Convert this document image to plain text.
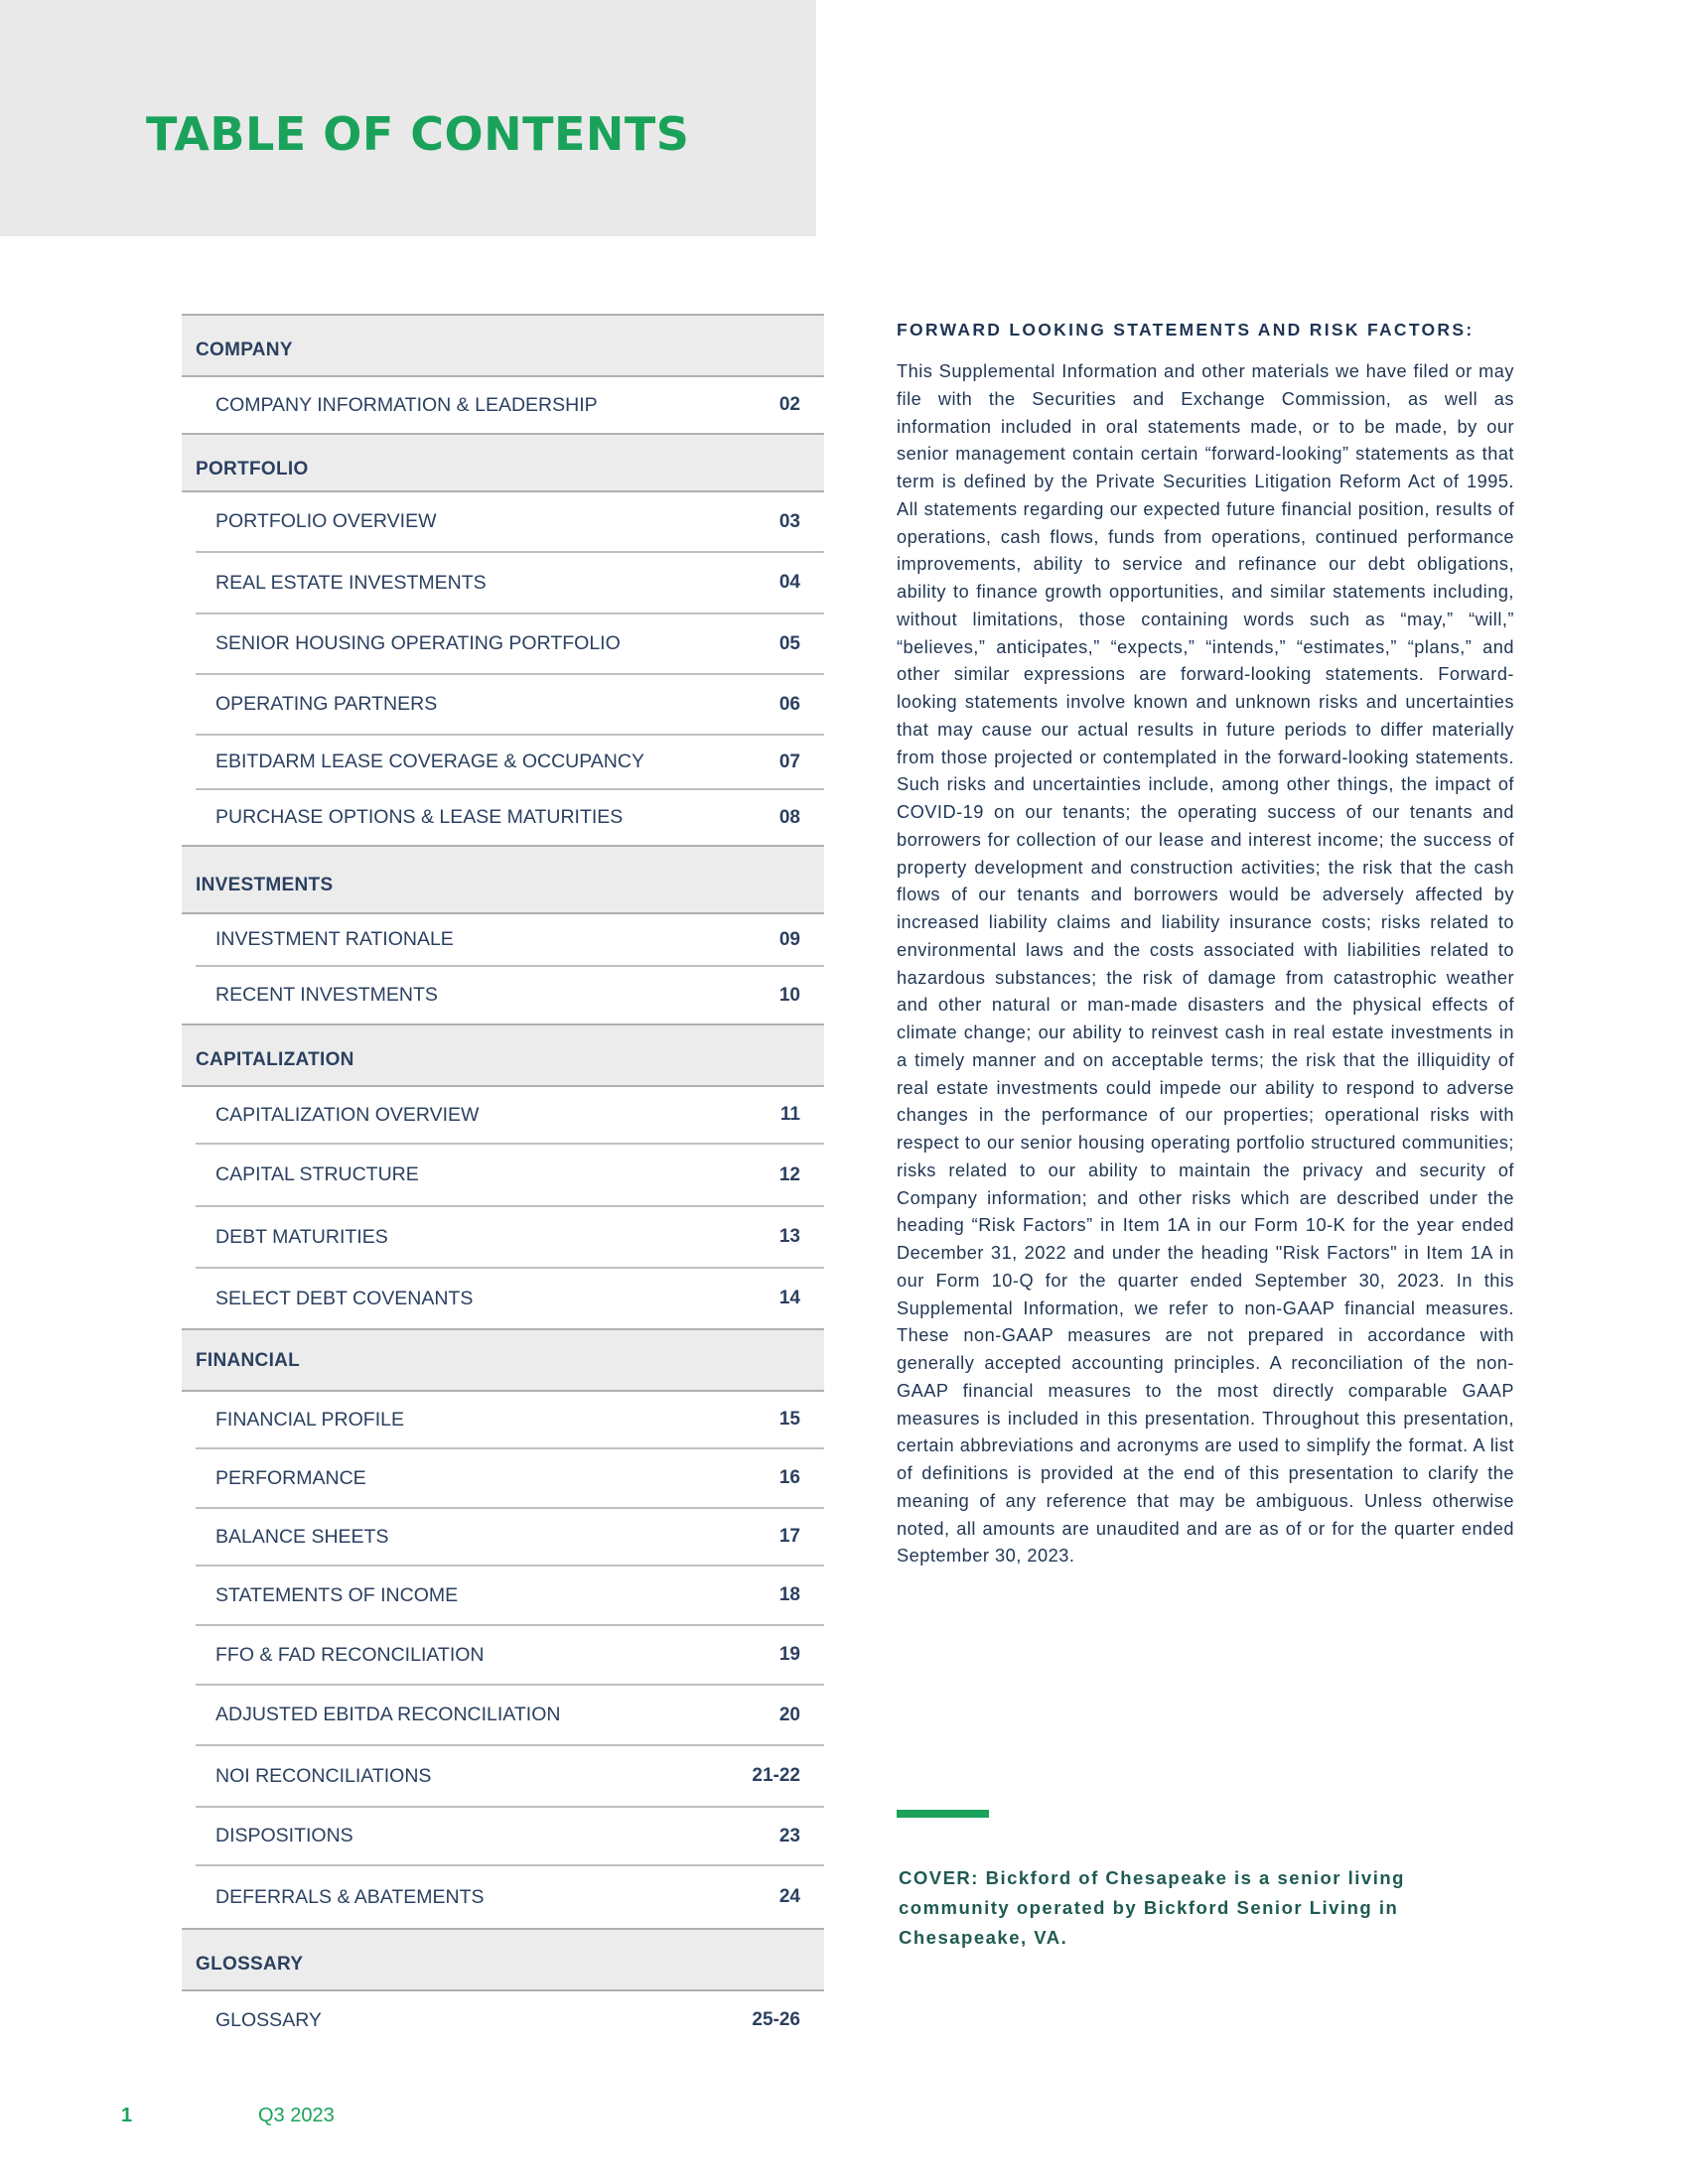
TABLE OF CONTENTS
COMPANY
COMPANY INFORMATION & LEADERSHIP	02
PORTFOLIO
PORTFOLIO OVERVIEW	03
REAL ESTATE INVESTMENTS	04
SENIOR HOUSING OPERATING PORTFOLIO	05
OPERATING PARTNERS	06
EBITDARM LEASE COVERAGE & OCCUPANCY	07
PURCHASE OPTIONS & LEASE MATURITIES	08
INVESTMENTS
INVESTMENT RATIONALE	09
RECENT INVESTMENTS	10
CAPITALIZATION
CAPITALIZATION OVERVIEW	11
CAPITAL STRUCTURE	12
DEBT MATURITIES	13
SELECT DEBT COVENANTS	14
FINANCIAL
FINANCIAL PROFILE	15
PERFORMANCE	16
BALANCE SHEETS	17
STATEMENTS OF INCOME	18
FFO & FAD RECONCILIATION	19
ADJUSTED EBITDA RECONCILIATION	20
NOI RECONCILIATIONS	21-22
DISPOSITIONS	23
DEFERRALS & ABATEMENTS	24
GLOSSARY
GLOSSARY	25-26
FORWARD LOOKING STATEMENTS AND RISK FACTORS:

This Supplemental Information and other materials we have filed or may file with the Securities and Exchange Commission, as well as information included in oral statements made, or to be made, by our senior management contain certain “forward-looking” statements as that term is defined by the Private Securities Litigation Reform Act of 1995. All statements regarding our expected future financial position, results of operations, cash flows, funds from operations, continued performance improvements, ability to service and refinance our debt obligations, ability to finance growth opportunities, and similar statements including, without limitations, those containing words such as “may,” “will,” “believes,” anticipates,” “expects,” “intends,” “estimates,” “plans,” and other similar expressions are forward-looking statements. Forward-looking statements involve known and unknown risks and uncertainties that may cause our actual results in future periods to differ materially from those projected or contemplated in the forward-looking statements. Such risks and uncertainties include, among other things, the impact of COVID-19 on our tenants; the operating success of our tenants and borrowers for collection of our lease and interest income; the success of property development and construction activities; the risk that the cash flows of our tenants and borrowers would be adversely affected by increased liability claims and liability insurance costs; risks related to environmental laws and the costs associated with liabilities related to hazardous substances; the risk of damage from catastrophic weather and other natural or man-made disasters and the physical effects of climate change; our ability to reinvest cash in real estate investments in a timely manner and on acceptable terms; the risk that the illiquidity of real estate investments could impede our ability to respond to adverse changes in the performance of our properties; operational risks with respect to our senior housing operating portfolio structured communities; risks related to our ability to maintain the privacy and security of Company information; and other risks which are described under the heading “Risk Factors” in Item 1A in our Form 10-K for the year ended December 31, 2022 and under the heading "Risk Factors" in Item 1A in our Form 10-Q for the quarter ended September 30, 2023. In this Supplemental Information, we refer to non-GAAP financial measures. These non-GAAP measures are not prepared in accordance with generally accepted accounting principles. A reconciliation of the non-GAAP financial measures to the most directly comparable GAAP measures is included in this presentation. Throughout this presentation, certain abbreviations and acronyms are used to simplify the format. A list of definitions is provided at the end of this presentation to clarify the meaning of any reference that may be ambiguous. Unless otherwise noted, all amounts are unaudited and are as of or for the quarter ended September 30, 2023.

COVER: Bickford of Chesapeake is a senior living community operated by Bickford Senior Living in Chesapeake, VA.
1	Q3 2023
